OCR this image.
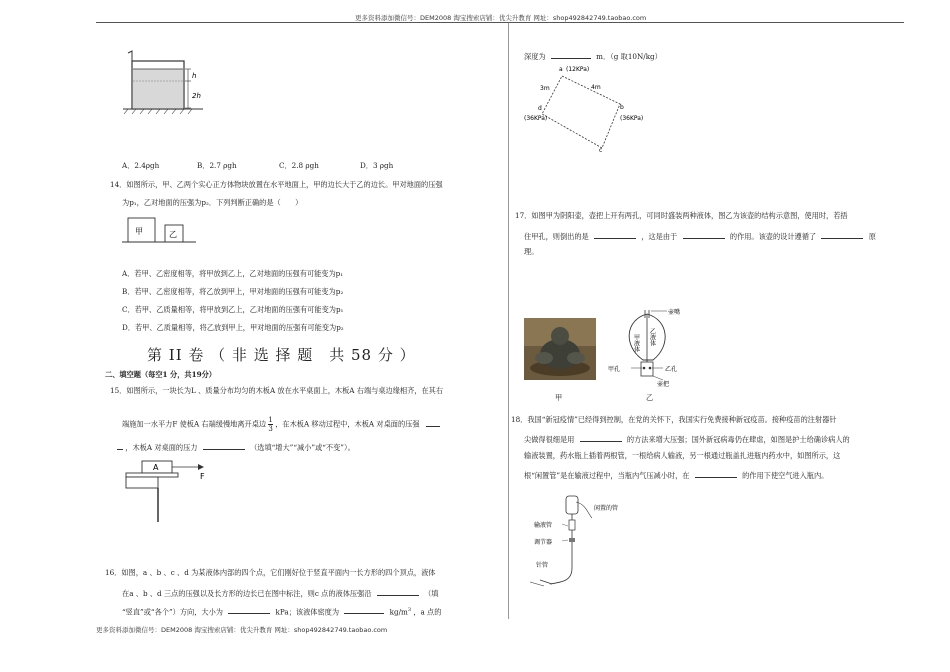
更多资料添加微信号：DEM2008 淘宝搜索店铺：优尖升教育 网址：shop492842749.taobao.com
更多资料添加微信号：DEM2008 淘宝搜索店铺：优尖升教育 网址：shop492842749.taobao.com
h
2h
A．2.4ρgh	B．2.7 ρgh	C．2.8 ρgh	D．3 ρgh
14．如图所示，甲、乙两个实心正方体物块放置在水平地面上，甲的边长大于乙的边长。甲对地面的压强
为p₁，乙对地面的压强为p₂．下列判断正确的是（　　）
甲	乙
A．若甲、乙密度相等，将甲放到乙上，乙对地面的压强有可能变为p₁
B．若甲、乙密度相等，将乙放到甲上，甲对地面的压强有可能变为p₂
C．若甲、乙质量相等，将甲放到乙上，乙对地面的压强有可能变为p₁
D．若甲、乙质量相等，将乙放到甲上，甲对地面的压强有可能变为p₂
第 II 卷 （ 非 选 择 题　共 58 分 ）
二、填空题（每空1 分，共19分）
15．如图所示，一块长为L 、质量分布均匀的木板A 放在水平桌面上，木板A 右端与桌边缘相齐，在其右
端施加一水平力F 使板A 右端缓慢地离开桌边 $\frac{1}{3}$ ，在木板A 移动过程中，木板A 对桌面的压强
，木板A 对桌面的压力	（选填“增大”“减小”或“不变”）。
A
F
16．如图，a 、b 、c 、d 为某液体内部的四个点，它们刚好位于竖直平面内一长方形的四个顶点，液体
在a 、b 、d 三点的压强以及长方形的边长已在图中标注，则c 点的液体压强沿	（填
“竖直”或“各个”）方向，大小为	kPa；该液体密度为	$kg/m^3$ ，a 点的
深度为	m．（g 取10N/kg）
a (12KPa)
b
(36KPa)
c
d
(36KPa)
3m	4m
17．如图甲为阴阳壶，壶把上开有两孔，可同时盛装两种液体，图乙为该壶的结构示意图，使用时，若捂
住甲孔，则倒出的是	，这是由于	的作用。该壶的设计遵循了	原
理。
甲
壶嘴
甲液体 乙液体
甲孔	乙孔
壶把
乙
18．我国“新冠疫情”已经得到控制，在党的关怀下，我国实行免费接种新冠疫苗。接种疫苗的注射器针
尖做得很细是用	的方法来增大压强；国外新冠病毒仍在肆虐，如图是护士给确诊病人的
输液装置，药水瓶上插着两根管，一根给病人输液，另一根通过瓶盖扎进瓶内药水中，如图所示，这
根“闲置管”是在输液过程中，当瓶内气压减小时，在	的作用下使空气进入瓶内。
闲置的管
输液管
调节器
针管
